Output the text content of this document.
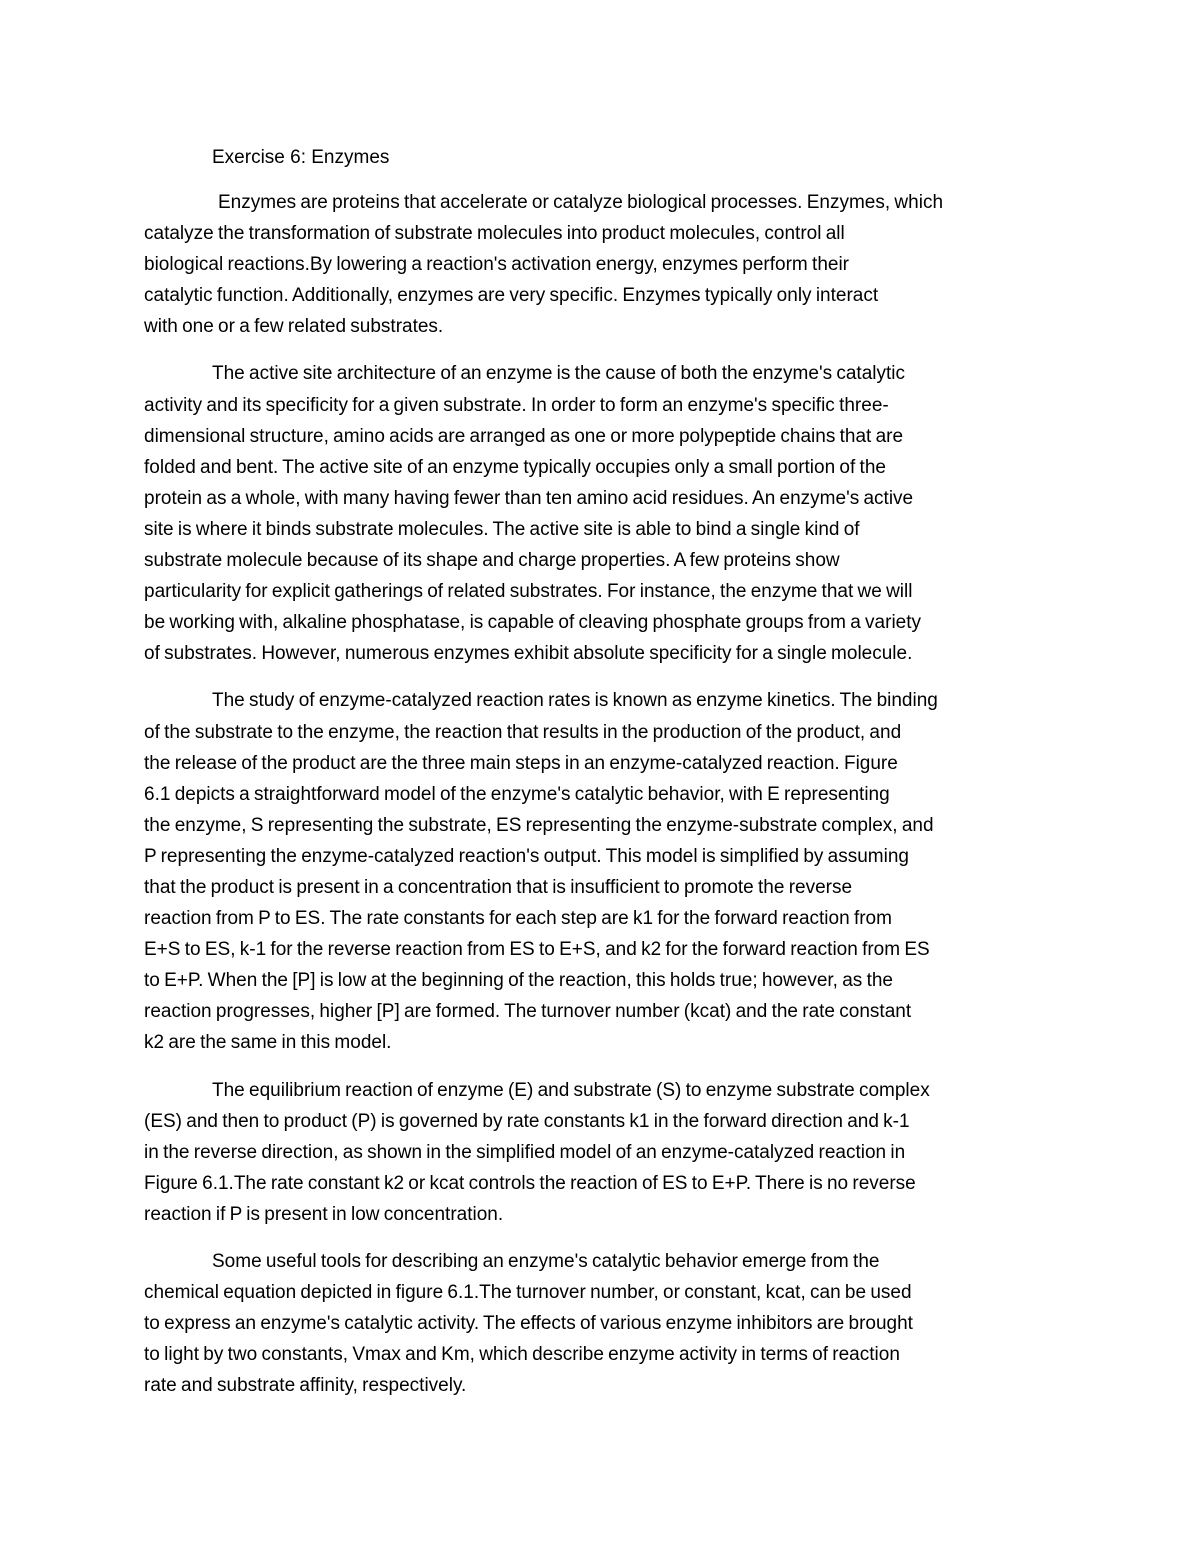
Exercise 6: Enzymes
Enzymes are proteins that accelerate or catalyze biological processes. Enzymes, which
catalyze the transformation of substrate molecules into product molecules, control all
biological reactions.By lowering a reaction's activation energy, enzymes perform their
catalytic function. Additionally, enzymes are very specific. Enzymes typically only interact
with one or a few related substrates.
The active site architecture of an enzyme is the cause of both the enzyme's catalytic
activity and its specificity for a given substrate. In order to form an enzyme's specific three-
dimensional structure, amino acids are arranged as one or more polypeptide chains that are
folded and bent. The active site of an enzyme typically occupies only a small portion of the
protein as a whole, with many having fewer than ten amino acid residues. An enzyme's active
site is where it binds substrate molecules. The active site is able to bind a single kind of
substrate molecule because of its shape and charge properties. A few proteins show
particularity for explicit gatherings of related substrates. For instance, the enzyme that we will
be working with, alkaline phosphatase, is capable of cleaving phosphate groups from a variety
of substrates. However, numerous enzymes exhibit absolute specificity for a single molecule.
The study of enzyme-catalyzed reaction rates is known as enzyme kinetics. The binding
of the substrate to the enzyme, the reaction that results in the production of the product, and
the release of the product are the three main steps in an enzyme-catalyzed reaction. Figure
6.1 depicts a straightforward model of the enzyme's catalytic behavior, with E representing
the enzyme, S representing the substrate, ES representing the enzyme-substrate complex, and
P representing the enzyme-catalyzed reaction's output. This model is simplified by assuming
that the product is present in a concentration that is insufficient to promote the reverse
reaction from P to ES. The rate constants for each step are k1 for the forward reaction from
E+S to ES, k-1 for the reverse reaction from ES to E+S, and k2 for the forward reaction from ES
to E+P. When the [P] is low at the beginning of the reaction, this holds true; however, as the
reaction progresses, higher [P] are formed. The turnover number (kcat) and the rate constant
k2 are the same in this model.
The equilibrium reaction of enzyme (E) and substrate (S) to enzyme substrate complex
(ES) and then to product (P) is governed by rate constants k1 in the forward direction and k-1
in the reverse direction, as shown in the simplified model of an enzyme-catalyzed reaction in
Figure 6.1.The rate constant k2 or kcat controls the reaction of ES to E+P. There is no reverse
reaction if P is present in low concentration.
Some useful tools for describing an enzyme's catalytic behavior emerge from the
chemical equation depicted in figure 6.1.The turnover number, or constant, kcat, can be used
to express an enzyme's catalytic activity. The effects of various enzyme inhibitors are brought
to light by two constants, Vmax and Km, which describe enzyme activity in terms of reaction
rate and substrate affinity, respectively.
